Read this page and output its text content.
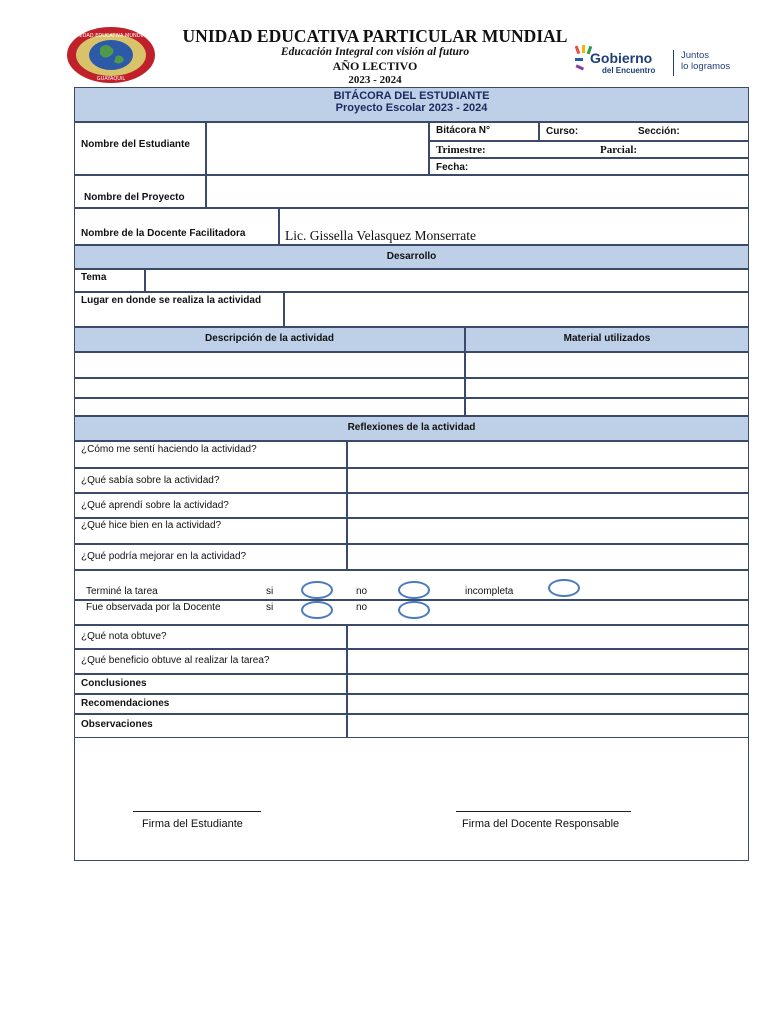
UNIDAD EDUCATIVA MUNDIAL
GUAYAQUIL
UNIDAD EDUCATIVA PARTICULAR MUNDIAL
Educación Integral con visión al futuro
AÑO LECTIVO
2023 - 2024
Gobierno
del Encuentro
Juntos
lo logramos
BITÁCORA DEL ESTUDIANTE
Proyecto Escolar 2023 - 2024
Nombre del Estudiante
Bitácora N°	Curso:	Sección:
Trimestre:	Parcial:
Fecha:
Nombre del Proyecto
Nombre de la Docente Facilitadora	Lic. Gissella Velasquez Monserrate
Desarrollo
Tema
Lugar en donde se realiza la actividad
Descripción de la actividad	Material utilizados
Reflexiones de la actividad
¿Cómo me sentí haciendo la actividad?
¿Qué sabía sobre la actividad?
¿Qué aprendí sobre la actividad?
¿Qué hice bien en la actividad?
¿Qué podría mejorar en la actividad?
Terminé la tarea	si	no	incompleta
Fue observada por la Docente	si	no
¿Qué nota obtuve?
¿Qué beneficio obtuve al realizar la tarea?
Conclusiones
Recomendaciones
Observaciones
Firma del Estudiante	Firma del Docente Responsable
